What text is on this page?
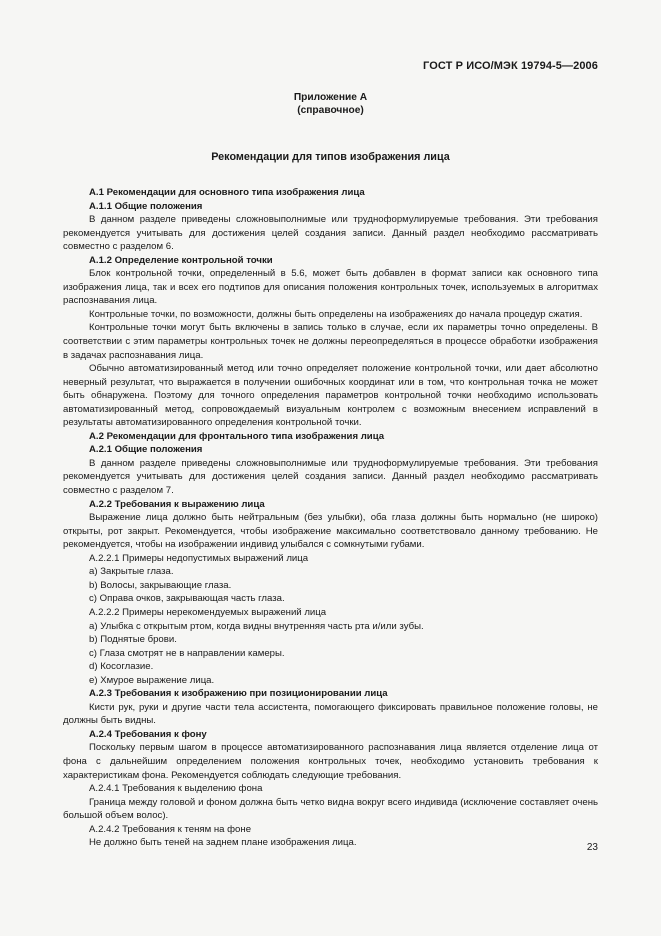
ГОСТ Р ИСО/МЭК 19794-5—2006
Приложение А
(справочное)
Рекомендации для типов изображения лица

А.1 Рекомендации для основного типа изображения лица

А.1.1 Общие положения

В данном разделе приведены сложновыполнимые или трудноформулируемые требования. Эти требования рекомендуется учитывать для достижения целей создания записи. Данный раздел необходимо рассматривать совместно с разделом 6.

А.1.2 Определение контрольной точки

Блок контрольной точки, определенный в 5.6, может быть добавлен в формат записи как основного типа изображения лица, так и всех его подтипов для описания положения контрольных точек, используемых в алгоритмах распознавания лица.

Контрольные точки, по возможности, должны быть определены на изображениях до начала процедур сжатия.

Контрольные точки могут быть включены в запись только в случае, если их параметры точно определены. В соответствии с этим параметры контрольных точек не должны переопределяться в процессе обработки изображения в задачах распознавания лица.

Обычно автоматизированный метод или точно определяет положение контрольной точки, или дает абсолютно неверный результат, что выражается в получении ошибочных координат или в том, что контрольная точка не может быть обнаружена. Поэтому для точного определения параметров контрольной точки необходимо использовать автоматизированный метод, сопровождаемый визуальным контролем с возможным внесением исправлений в результаты автоматизированного определения контрольной точки.

А.2 Рекомендации для фронтального типа изображения лица

А.2.1 Общие положения

В данном разделе приведены сложновыполнимые или трудноформулируемые требования. Эти требования рекомендуется учитывать для достижения целей создания записи. Данный раздел необходимо рассматривать совместно с разделом 7.

А.2.2 Требования к выражению лица

Выражение лица должно быть нейтральным (без улыбки), оба глаза должны быть нормально (не широко) открыты, рот закрыт. Рекомендуется, чтобы изображение максимально соответствовало данному требованию. Не рекомендуется, чтобы на изображении индивид улыбался с сомкнутыми губами.

А.2.2.1 Примеры недопустимых выражений лица

а) Закрытые глаза.

b) Волосы, закрывающие глаза.

с) Оправа очков, закрывающая часть глаза.

А.2.2.2 Примеры нерекомендуемых выражений лица

а) Улыбка с открытым ртом, когда видны внутренняя часть рта и/или зубы.

b) Поднятые брови.

с) Глаза смотрят не в направлении камеры.

d) Косоглазие.

е) Хмурое выражение лица.

А.2.3 Требования к изображению при позиционировании лица

Кисти рук, руки и другие части тела ассистента, помогающего фиксировать правильное положение головы, не должны быть видны.

А.2.4 Требования к фону

Поскольку первым шагом в процессе автоматизированного распознавания лица является отделение лица от фона с дальнейшим определением положения контрольных точек, необходимо установить требования к характеристикам фона. Рекомендуется соблюдать следующие требования.

А.2.4.1 Требования к выделению фона

Граница между головой и фоном должна быть четко видна вокруг всего индивида (исключение составляет очень большой объем волос).

А.2.4.2 Требования к теням на фоне

Не должно быть теней на заднем плане изображения лица.	23
